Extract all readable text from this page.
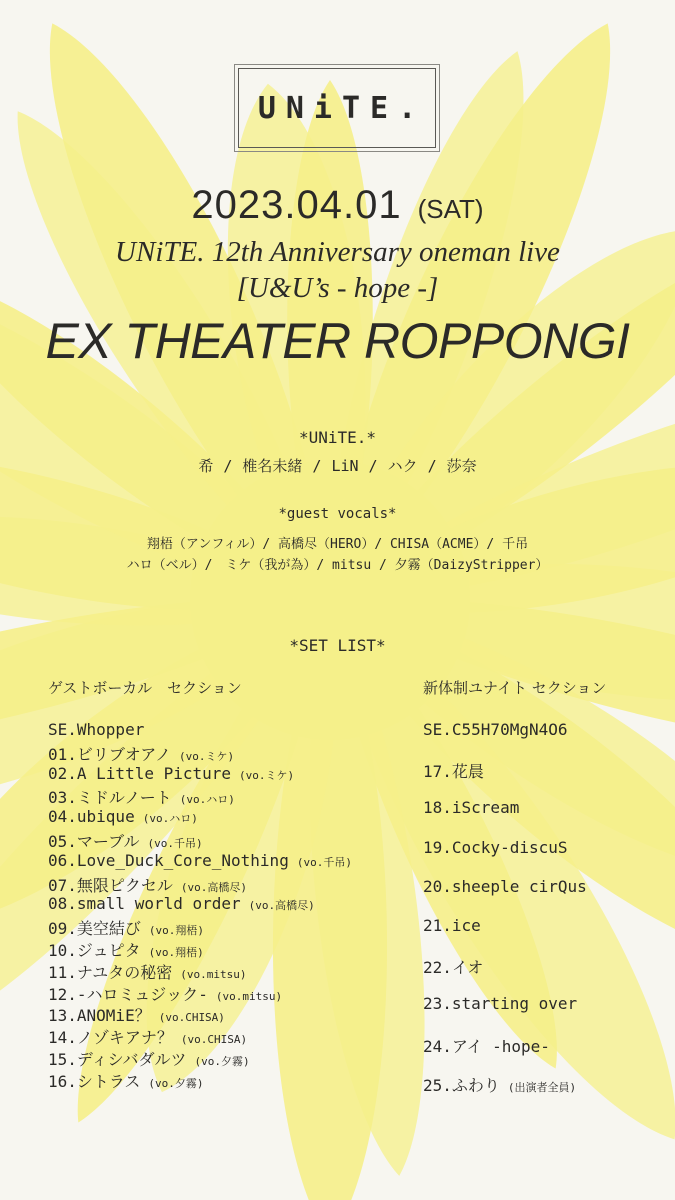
UNiTE.
2023.04.01 (SAT)
UNiTE. 12th Anniversary oneman live
[U&U’s - hope -]
EX THEATER ROPPONGI
*UNiTE.*
希 / 椎名未緒 / LiN / ハク / 莎奈
*guest vocals*
翔梧（アンフィル）/ 高橋尽（HERO）/ CHISA（ACME）/ 千吊
ハロ（ベル）/　ミケ（我が為）/ mitsu / 夕霧（DaizyStripper）
*SET LIST*
ゲストボーカル　セクション	新体制ユナイト セクション
SE.Whopper
01.ビリブオアノ (vo.ミケ)
02.A Little Picture (vo.ミケ)
03.ミドルノート (vo.ハロ)
04.ubique (vo.ハロ)
05.マーブル (vo.千吊)
06.Love_Duck_Core_Nothing (vo.千吊)
07.無限ピクセル (vo.高橋尽)
08.small world order (vo.高橋尽)
09.美空結び (vo.翔梧)
10.ジュピタ (vo.翔梧)
11.ナユタの秘密 (vo.mitsu)
12.-ハロミュジック- (vo.mitsu)
13.ANOMiE？ (vo.CHISA)
14.ノゾキアナ？ (vo.CHISA)
15.ディシバダルツ (vo.夕霧)
16.シトラス (vo.夕霧)
SE.C55H70MgN4O6
17.花晨
18.iScream
19.Cocky-discuS
20.sheeple cirQus
21.ice
22.イオ
23.starting over
24.アイ -hope-
25.ふわり (出演者全員)
